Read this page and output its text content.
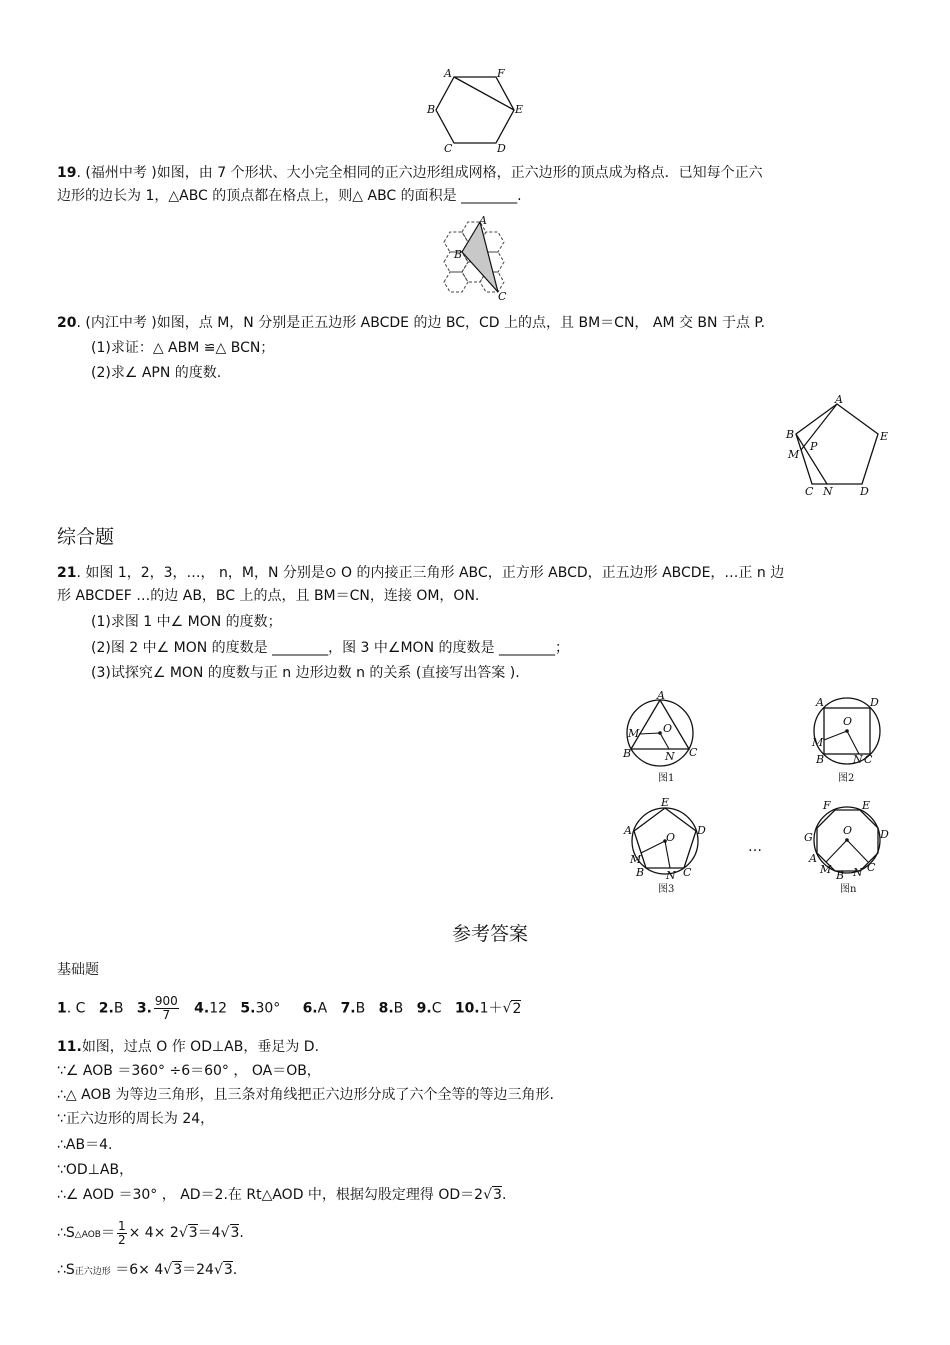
A	F
B	E
C	D
19. (福州中考 )如图，由 7 个形状、大小完全相同的正六边形组成网格，正六边形的顶点成为格点．已知每个正六
边形的边长为 1，△ABC 的顶点都在格点上，则△ ABC 的面积是 ________.
A
B
C
20. (内江中考 )如图，点 M，N 分别是正五边形 ABCDE 的边 BC，CD 上的点，且 BM＝CN， AM 交 BN 于点 P.
(1)求证：△ ABM ≌△ BCN；
(2)求∠ APN 的度数.
A
B
P
M
E
C N D
综合题
21. 如图 1，2，3，…， n，M，N 分别是⊙ O 的内接正三角形 ABC，正方形 ABCD，正五边形 ABCDE，…正 n 边
形 ABCDEF …的边 AB，BC 上的点，且 BM＝CN，连接 OM，ON.
(1)求图 1 中∠ MON 的度数；
(2)图 2 中∠ MON 的度数是 ________，图 3 中∠MON 的度数是 ________；
(3)试探究∠ MON 的度数与正 n 边形边数 n 的关系 (直接写出答案 ).
A
O
M
B	N C
图1
A	D
O
M
B	N C
图2
E
A
O
D
M
B N C
图3
…
F	E
G
O	D
A
M B N C
图n
参考答案
基础题
1. C 2.B 3. $\frac{900}{7} 4.12$ 5.30° 6.A 7.B 8.B 9.C 10.1＋√2
11.如图，过点 O 作 OD⊥AB，垂足为 D.
∵∠ AOB ＝360° ÷6＝60° ， OA＝OB，
∴△ AOB 为等边三角形，且三条对角线把正六边形分成了六个全等的等边三角形.
∵正六边形的周长为 24，
∴AB＝4.
∵OD⊥AB，
∴∠ AOD ＝30° ， AD＝2.在 Rt△AOD 中，根据勾股定理得 OD＝2√3.
∴S△AOB＝ $\frac{1}{2} \times 4\times 2√3=4√3$.
∴S正六边形 ＝6× 4√3＝24√3.
